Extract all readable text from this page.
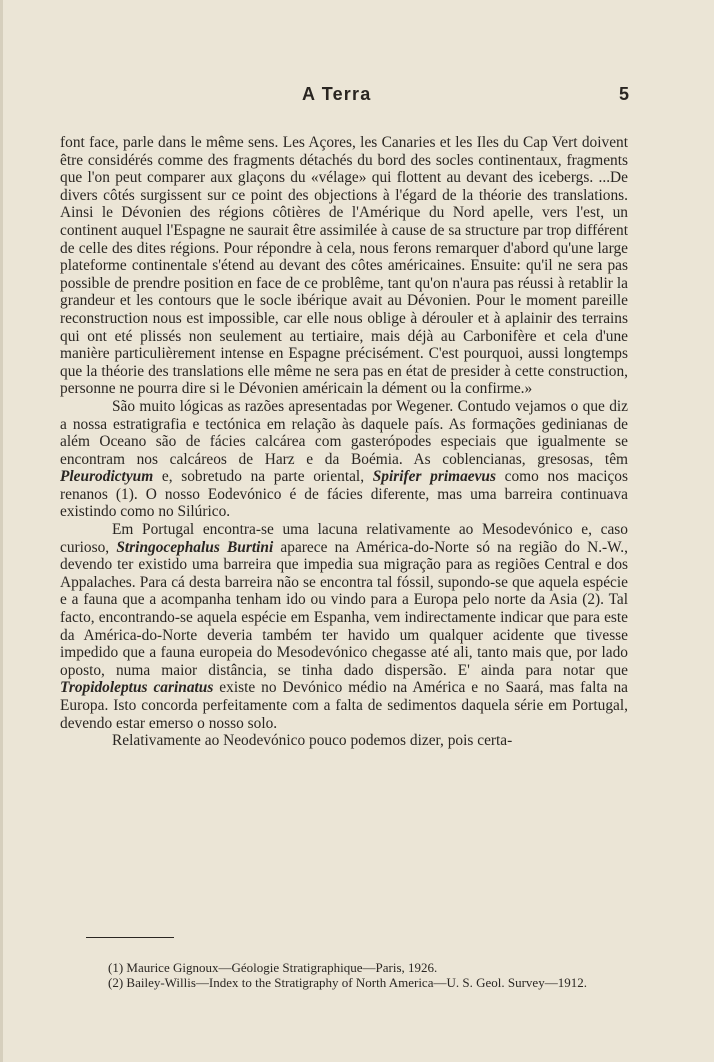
A Terra	5

font face, parle dans le même sens. Les Açores, les Canaries et les Iles du Cap Vert doivent être considérés comme des fragments détachés du bord des socles continentaux, fragments que l'on peut comparer aux glaçons du «vélage» qui flottent au devant des icebergs. ...De divers côtés surgissent sur ce point des objections à l'égard de la théorie des translations. Ainsi le Dévonien des régions côtières de l'Amérique du Nord apelle, vers l'est, un continent auquel l'Espagne ne saurait être assimilée à cause de sa structure par trop différent de celle des dites régions. Pour répondre à cela, nous ferons remarquer d'abord qu'une large plateforme continentale s'étend au devant des côtes américaines. Ensuite: qu'il ne sera pas possible de prendre position en face de ce problême, tant qu'on n'aura pas réussi à retablir la grandeur et les contours que le socle ibérique avait au Dévonien. Pour le moment pareille reconstruction nous est impossible, car elle nous oblige à dérouler et à aplainir des terrains qui ont eté plissés non seulement au tertiaire, mais déjà au Carbonifère et cela d'une manière particulièrement intense en Espagne précisément. C'est pourquoi, aussi longtemps que la théorie des translations elle même ne sera pas en état de presider à cette construction, personne ne pourra dire si le Dévonien américain la dément ou la confirme.»

São muito lógicas as razões apresentadas por Wegener. Contudo vejamos o que diz a nossa estratigrafia e tectónica em relação às daquele país. As formações gedinianas de além Oceano são de fácies calcárea com gasterópodes especiais que igualmente se encontram nos calcáreos de Harz e da Boémia. As coblencianas, gresosas, têm Pleurodictyum e, sobretudo na parte oriental, Spirifer primaevus como nos maciços renanos (1). O nosso Eodevónico é de fácies diferente, mas uma barreira continuava existindo como no Silúrico.

Em Portugal encontra-se uma lacuna relativamente ao Mesodevónico e, caso curioso, Stringocephalus Burtini aparece na América-do-Norte só na região do N.-W., devendo ter existido uma barreira que impedia sua migração para as regiões Central e dos Appalaches. Para cá desta barreira não se encontra tal fóssil, supondo-se que aquela espécie e a fauna que a acompanha tenham ido ou vindo para a Europa pelo norte da Asia (2). Tal facto, encontrando-se aquela espécie em Espanha, vem indirectamente indicar que para este da América-do-Norte deveria também ter havido um qualquer acidente que tivesse impedido que a fauna europeia do Mesodevónico chegasse até ali, tanto mais que, por lado oposto, numa maior distância, se tinha dado dispersão. E' ainda para notar que Tropidoleptus carinatus existe no Devónico médio na América e no Saará, mas falta na Europa. Isto concorda perfeitamente com a falta de sedimentos daquela série em Portugal, devendo estar emerso o nosso solo.

Relativamente ao Neodevónico pouco podemos dizer, pois certa-

(1) Maurice Gignoux—Géologie Stratigraphique—Paris, 1926.

(2) Bailey-Willis—Index to the Stratigraphy of North America—U. S. Geol. Survey—1912.
